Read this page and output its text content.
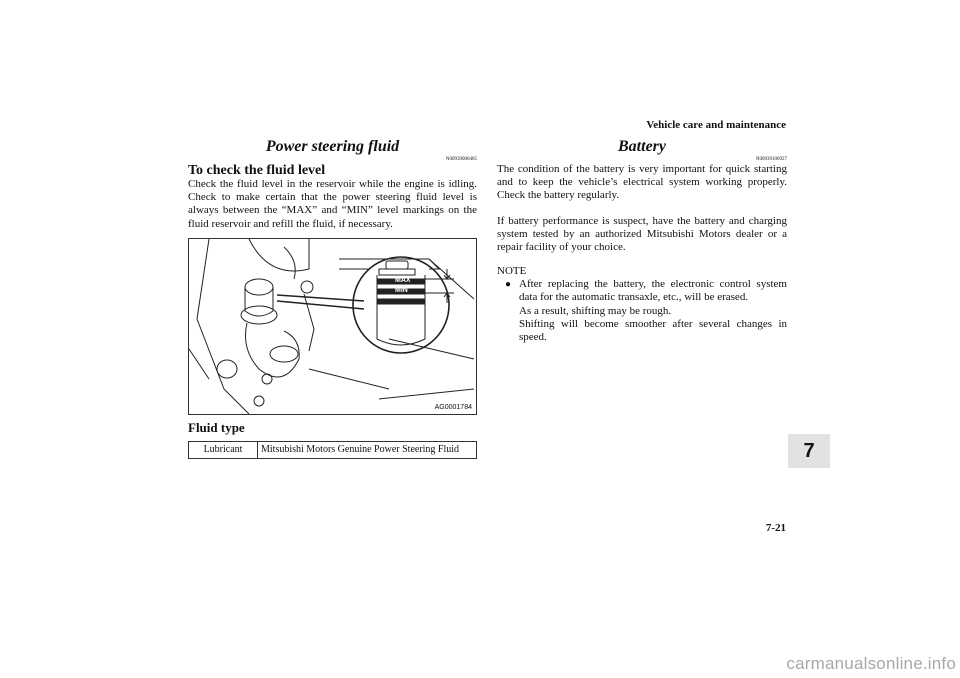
Vehicle care and maintenance
Power steering fluid
N00939000405
To check the fluid level

Check the fluid level in the reservoir while the engine is idling. Check to make certain that the power steering fluid level is always between the “MAX” and “MIN” level markings on the fluid reservoir and refill the fluid, if necessary.

MAX
MIN
AG0001784
Fluid type
Lubricant	Mitsubishi Motors Genuine Power Steering Fluid
Battery
N00939100927

The condition of the battery is very important for quick starting and to keep the vehicle’s electrical system working properly. Check the battery regularly.

If battery performance is suspect, have the battery and charging system tested by an authorized Mitsubishi Motors dealer or a repair facility of your choice.

NOTE
● After replacing the battery, the electronic control system data for the automatic transaxle, etc., will be erased.

As a result, shifting may be rough.

Shifting will become smoother after several changes in speed.

7
7-21
carmanualsonline.info
